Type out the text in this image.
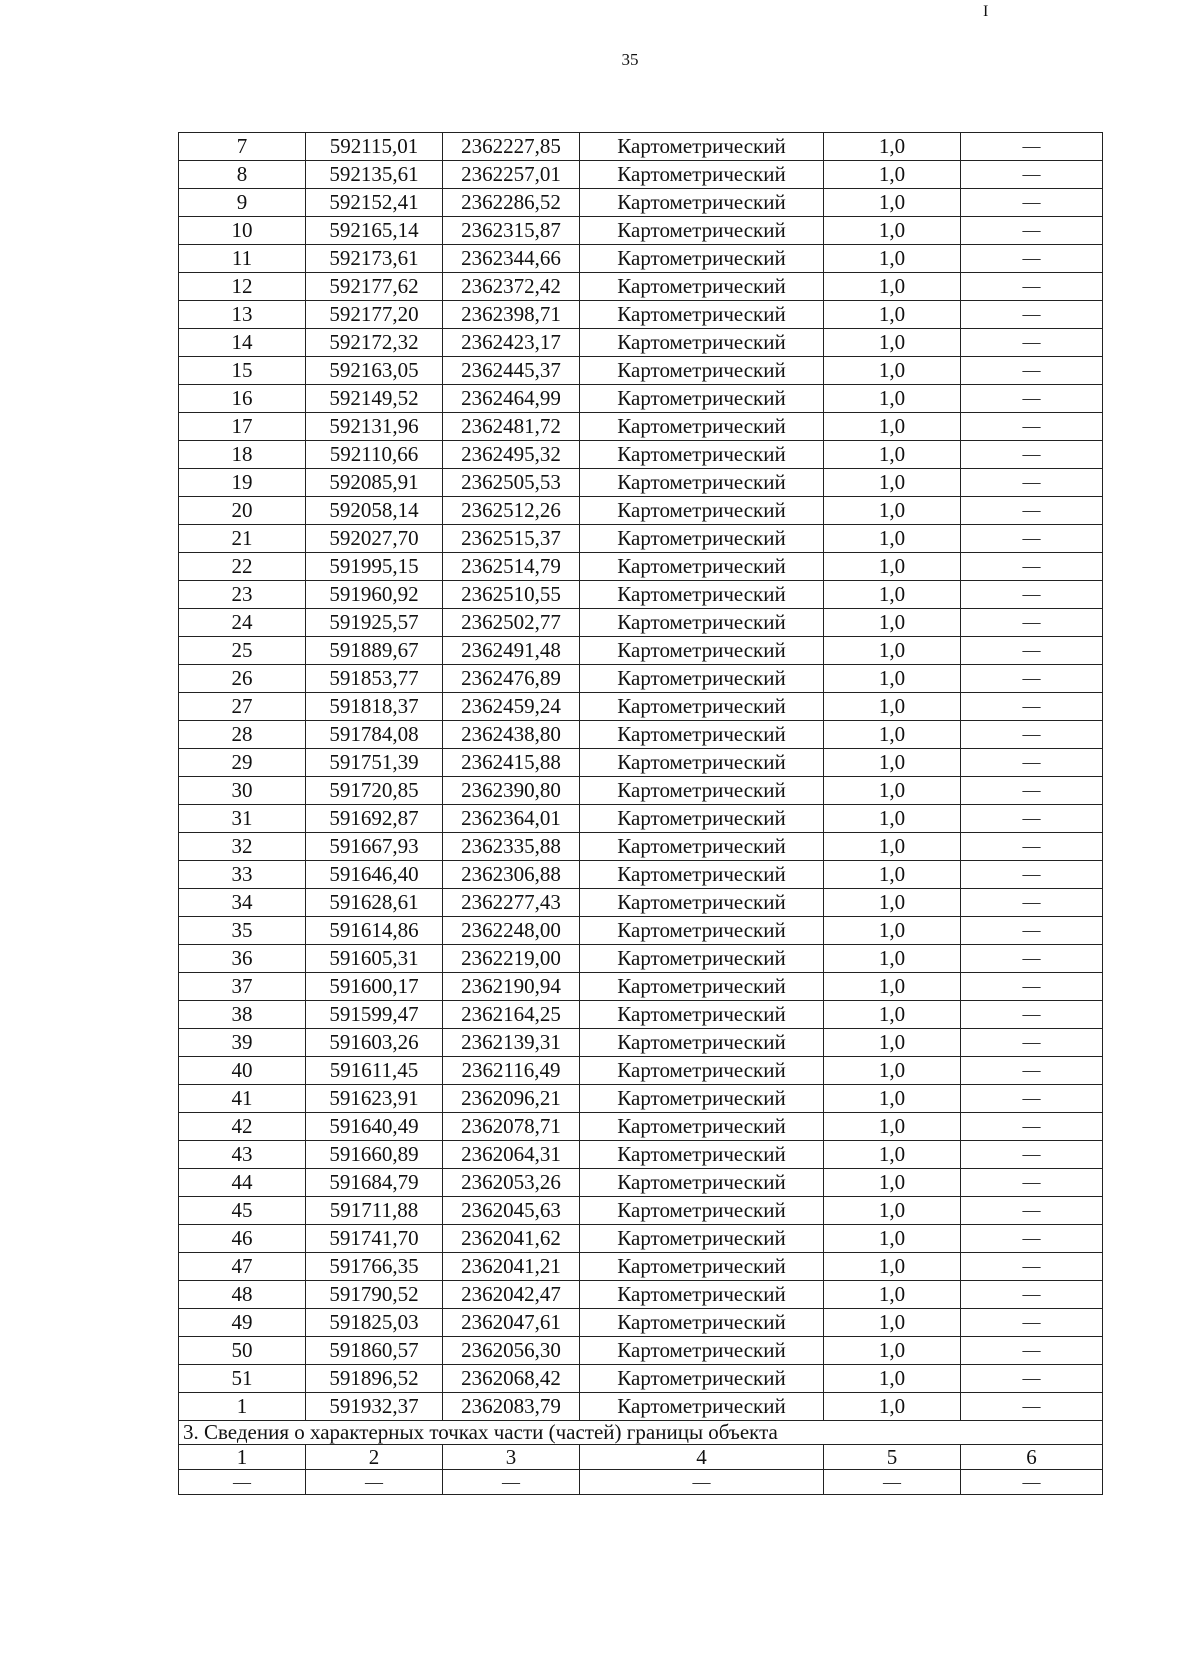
I
35
7	592115,01	2362227,85	Картометрический	1,0	—
8	592135,61	2362257,01	Картометрический	1,0	—
9	592152,41	2362286,52	Картометрический	1,0	—
10	592165,14	2362315,87	Картометрический	1,0	—
11	592173,61	2362344,66	Картометрический	1,0	—
12	592177,62	2362372,42	Картометрический	1,0	—
13	592177,20	2362398,71	Картометрический	1,0	—
14	592172,32	2362423,17	Картометрический	1,0	—
15	592163,05	2362445,37	Картометрический	1,0	—
16	592149,52	2362464,99	Картометрический	1,0	—
17	592131,96	2362481,72	Картометрический	1,0	—
18	592110,66	2362495,32	Картометрический	1,0	—
19	592085,91	2362505,53	Картометрический	1,0	—
20	592058,14	2362512,26	Картометрический	1,0	—
21	592027,70	2362515,37	Картометрический	1,0	—
22	591995,15	2362514,79	Картометрический	1,0	—
23	591960,92	2362510,55	Картометрический	1,0	—
24	591925,57	2362502,77	Картометрический	1,0	—
25	591889,67	2362491,48	Картометрический	1,0	—
26	591853,77	2362476,89	Картометрический	1,0	—
27	591818,37	2362459,24	Картометрический	1,0	—
28	591784,08	2362438,80	Картометрический	1,0	—
29	591751,39	2362415,88	Картометрический	1,0	—
30	591720,85	2362390,80	Картометрический	1,0	—
31	591692,87	2362364,01	Картометрический	1,0	—
32	591667,93	2362335,88	Картометрический	1,0	—
33	591646,40	2362306,88	Картометрический	1,0	—
34	591628,61	2362277,43	Картометрический	1,0	—
35	591614,86	2362248,00	Картометрический	1,0	—
36	591605,31	2362219,00	Картометрический	1,0	—
37	591600,17	2362190,94	Картометрический	1,0	—
38	591599,47	2362164,25	Картометрический	1,0	—
39	591603,26	2362139,31	Картометрический	1,0	—
40	591611,45	2362116,49	Картометрический	1,0	—
41	591623,91	2362096,21	Картометрический	1,0	—
42	591640,49	2362078,71	Картометрический	1,0	—
43	591660,89	2362064,31	Картометрический	1,0	—
44	591684,79	2362053,26	Картометрический	1,0	—
45	591711,88	2362045,63	Картометрический	1,0	—
46	591741,70	2362041,62	Картометрический	1,0	—
47	591766,35	2362041,21	Картометрический	1,0	—
48	591790,52	2362042,47	Картометрический	1,0	—
49	591825,03	2362047,61	Картометрический	1,0	—
50	591860,57	2362056,30	Картометрический	1,0	—
51	591896,52	2362068,42	Картометрический	1,0	—
1	591932,37	2362083,79	Картометрический	1,0	—
3. Сведения о характерных точках части (частей) границы объекта					
1	2	3	4	5	6
—	—	—	—	—	—
